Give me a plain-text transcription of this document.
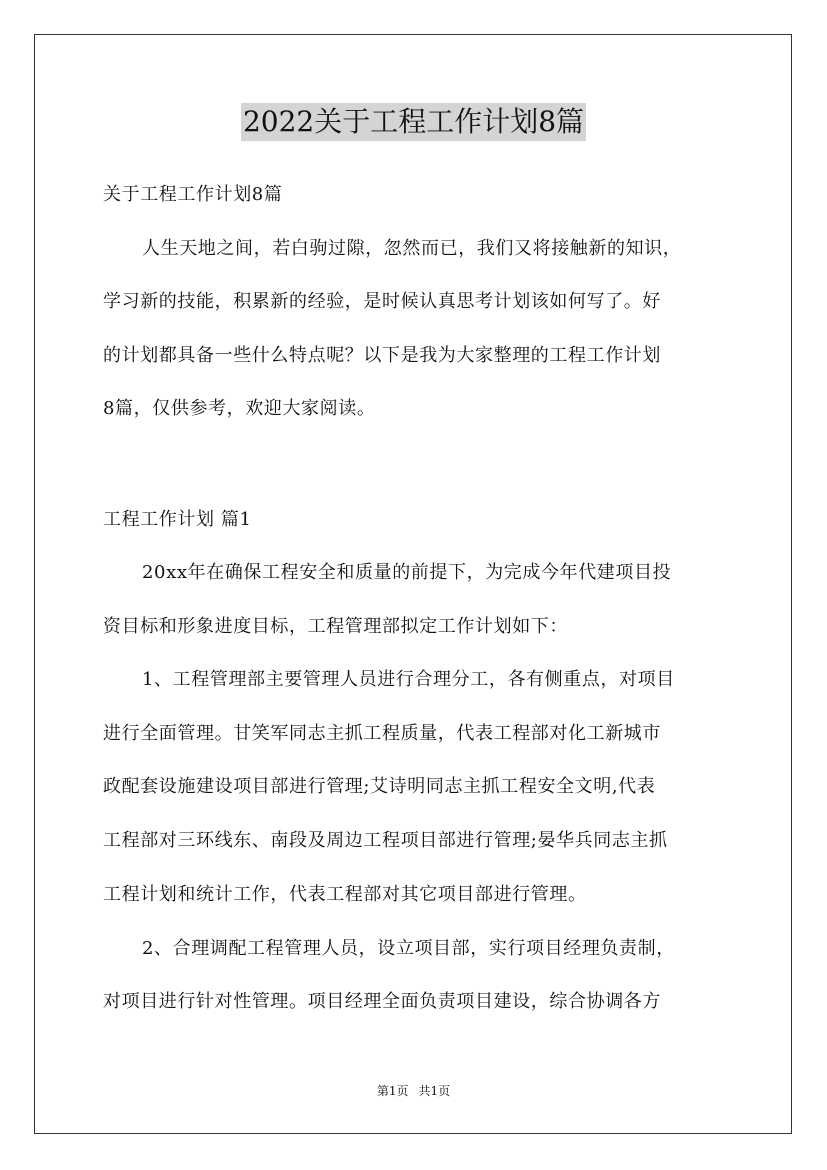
2022关于工程工作计划8篇
关于工程工作计划8篇
人生天地之间，若白驹过隙，忽然而已，我们又将接触新的知识，
学习新的技能，积累新的经验，是时候认真思考计划该如何写了。好
的计划都具备一些什么特点呢？以下是我为大家整理的工程工作计划
8篇，仅供参考，欢迎大家阅读。
工程工作计划 篇1
20xx年在确保工程安全和质量的前提下，为完成今年代建项目投
资目标和形象进度目标，工程管理部拟定工作计划如下：
1、工程管理部主要管理人员进行合理分工，各有侧重点，对项目
进行全面管理。甘笑军同志主抓工程质量，代表工程部对化工新城市
政配套设施建设项目部进行管理;艾诗明同志主抓工程安全文明,代表
工程部对三环线东、南段及周边工程项目部进行管理;晏华兵同志主抓
工程计划和统计工作，代表工程部对其它项目部进行管理。
2、合理调配工程管理人员，设立项目部，实行项目经理负责制，
对项目进行针对性管理。项目经理全面负责项目建设，综合协调各方
第1页 共1页
